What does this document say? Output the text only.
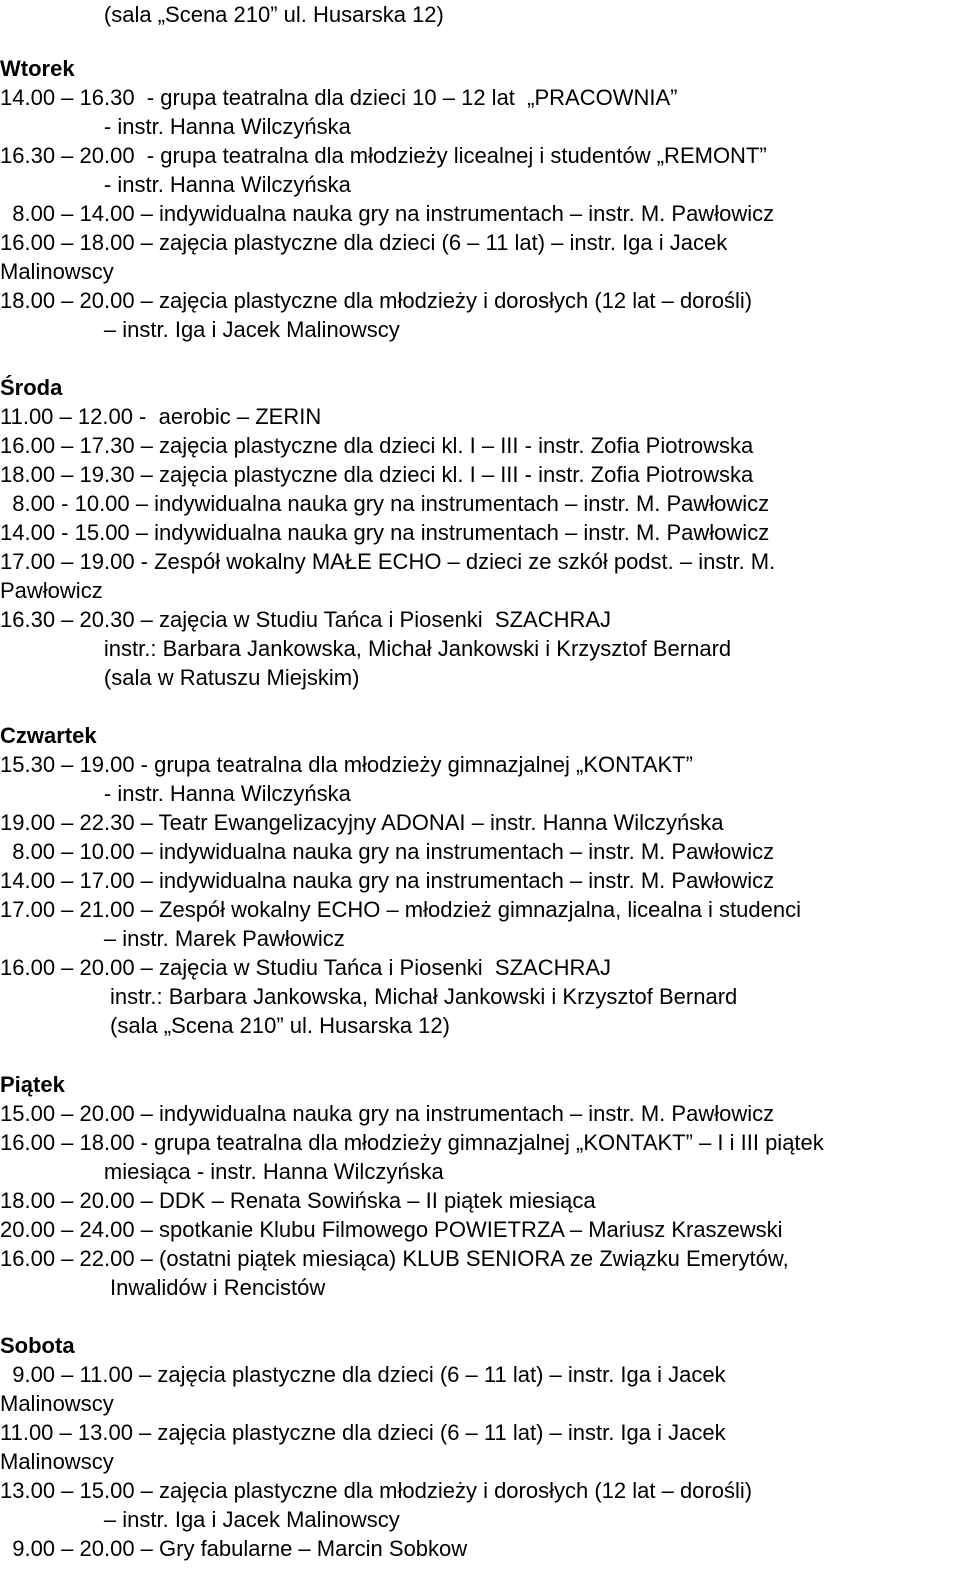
(sala „Scena 210” ul. Husarska 12)
Wtorek
14.00 – 16.30  - grupa teatralna dla dzieci 10 – 12 lat  „PRACOWNIA”
- instr. Hanna Wilczyńska
16.30 – 20.00  - grupa teatralna dla młodzieży licealnej i studentów „REMONT”
- instr. Hanna Wilczyńska
8.00 – 14.00 – indywidualna nauka gry na instrumentach – instr. M. Pawłowicz
16.00 – 18.00 – zajęcia plastyczne dla dzieci (6 – 11 lat) – instr. Iga i Jacek
Malinowscy
18.00 – 20.00 – zajęcia plastyczne dla młodzieży i dorosłych (12 lat – dorośli)
– instr. Iga i Jacek Malinowscy
Środa
11.00 – 12.00 -  aerobic – ZERIN
16.00 – 17.30 – zajęcia plastyczne dla dzieci kl. I – III - instr. Zofia Piotrowska
18.00 – 19.30 – zajęcia plastyczne dla dzieci kl. I – III - instr. Zofia Piotrowska
8.00 - 10.00 – indywidualna nauka gry na instrumentach – instr. M. Pawłowicz
14.00 - 15.00 – indywidualna nauka gry na instrumentach – instr. M. Pawłowicz
17.00 – 19.00 - Zespół wokalny MAŁE ECHO – dzieci ze szkół podst. – instr. M.
Pawłowicz
16.30 – 20.30 – zajęcia w Studiu Tańca i Piosenki  SZACHRAJ
instr.: Barbara Jankowska, Michał Jankowski i Krzysztof Bernard
(sala w Ratuszu Miejskim)
Czwartek
15.30 – 19.00 - grupa teatralna dla młodzieży gimnazjalnej „KONTAKT”
- instr. Hanna Wilczyńska
19.00 – 22.30 – Teatr Ewangelizacyjny ADONAI – instr. Hanna Wilczyńska
8.00 – 10.00 – indywidualna nauka gry na instrumentach – instr. M. Pawłowicz
14.00 – 17.00 – indywidualna nauka gry na instrumentach – instr. M. Pawłowicz
17.00 – 21.00 – Zespół wokalny ECHO – młodzież gimnazjalna, licealna i studenci
– instr. Marek Pawłowicz
16.00 – 20.00 – zajęcia w Studiu Tańca i Piosenki  SZACHRAJ
instr.: Barbara Jankowska, Michał Jankowski i Krzysztof Bernard
(sala „Scena 210” ul. Husarska 12)
Piątek
15.00 – 20.00 – indywidualna nauka gry na instrumentach – instr. M. Pawłowicz
16.00 – 18.00 - grupa teatralna dla młodzieży gimnazjalnej „KONTAKT” – I i III piątek
miesiąca - instr. Hanna Wilczyńska
18.00 – 20.00 – DDK – Renata Sowińska – II piątek miesiąca
20.00 – 24.00 – spotkanie Klubu Filmowego POWIETRZA – Mariusz Kraszewski
16.00 – 22.00 – (ostatni piątek miesiąca) KLUB SENIORA ze Związku Emerytów,
Inwalidów i Rencistów
Sobota
9.00 – 11.00 – zajęcia plastyczne dla dzieci (6 – 11 lat) – instr. Iga i Jacek
Malinowscy
11.00 – 13.00 – zajęcia plastyczne dla dzieci (6 – 11 lat) – instr. Iga i Jacek
Malinowscy
13.00 – 15.00 – zajęcia plastyczne dla młodzieży i dorosłych (12 lat – dorośli)
– instr. Iga i Jacek Malinowscy
9.00 – 20.00 – Gry fabularne – Marcin Sobkow
